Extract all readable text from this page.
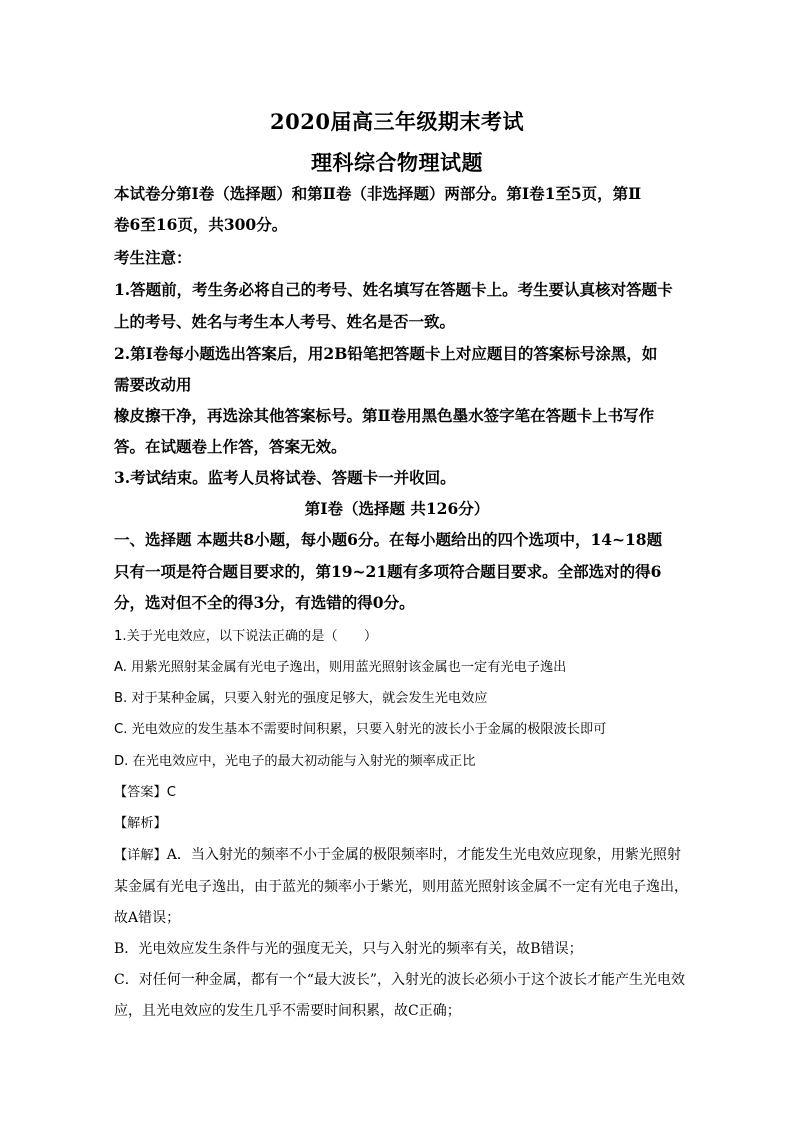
2020届高三年级期末考试
理科综合物理试题
本试卷分第Ⅰ卷（选择题）和第Ⅱ卷（非选择题）两部分。第Ⅰ卷1至5页，第Ⅱ
卷6至16页，共300分。
考生注意：
1.答题前，考生务必将自己的考号、姓名填写在答题卡上。考生要认真核对答题卡
上的考号、姓名与考生本人考号、姓名是否一致。
2.第Ⅰ卷每小题选出答案后，用2B铅笔把答题卡上对应题目的答案标号涂黑，如
需要改动用
橡皮擦干净，再选涂其他答案标号。第Ⅱ卷用黑色墨水签字笔在答题卡上书写作
答。在试题卷上作答，答案无效。
3.考试结束。监考人员将试卷、答题卡一并收回。
第Ⅰ卷（选择题 共126分）
一、选择题 本题共8小题，每小题6分。在每小题给出的四个选项中，14~18题
只有一项是符合题目要求的，第19~21题有多项符合题目要求。全部选对的得6
分，选对但不全的得3分，有选错的得0分。
1.关于光电效应，以下说法正确的是（　　）
A. 用紫光照射某金属有光电子逸出，则用蓝光照射该金属也一定有光电子逸出
B. 对于某种金属，只要入射光的强度足够大，就会发生光电效应
C. 光电效应的发生基本不需要时间积累，只要入射光的波长小于金属的极限波长即可
D. 在光电效应中，光电子的最大初动能与入射光的频率成正比
【答案】C
【解析】
【详解】A．当入射光的频率不小于金属的极限频率时，才能发生光电效应现象，用紫光照射
某金属有光电子逸出，由于蓝光的频率小于紫光，则用蓝光照射该金属不一定有光电子逸出，
故A错误；
B．光电效应发生条件与光的强度无关，只与入射光的频率有关，故B错误；
C．对任何一种金属，都有一个“最大波长”，入射光的波长必须小于这个波长才能产生光电效
应，且光电效应的发生几乎不需要时间积累，故C正确；
